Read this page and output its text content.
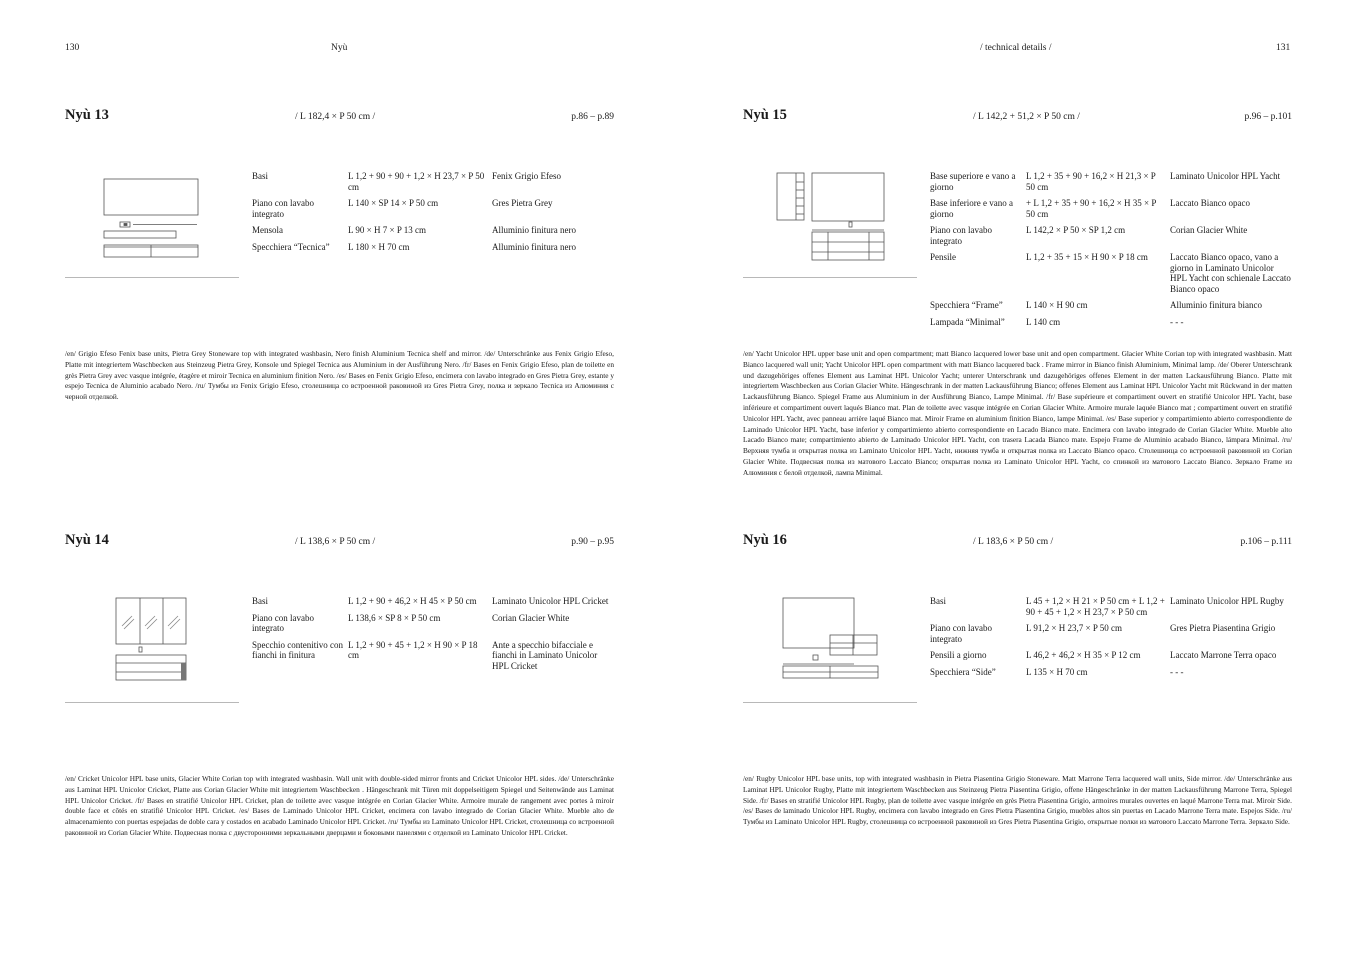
130	Nyù	/ technical details /	131
Nyù 13	/ L 182,4 × P 50 cm /	p.86 – p.89
Basi	L 1,2 + 90 + 90 + 1,2 × H 23,7 × P 50 cm	Fenix Grigio Efeso
Piano con lavabo integrato	L 140 × SP 14 × P 50 cm	Gres Pietra Grey
Mensola	L 90 × H 7 × P 13 cm	Alluminio finitura nero
Specchiera “Tecnica”	L 180 × H 70 cm	Alluminio finitura nero
/en/ Grigio Efeso Fenix base units, Pietra Grey Stoneware top with integrated washbasin, Nero finish Aluminium Tecnica shelf and mirror. /de/ Unterschränke aus Fenix Grigio Efeso, Platte mit integriertem Waschbecken aus Steinzeug Pietra Grey, Konsole und Spiegel Tecnica aus Aluminium in der Ausführung Nero. /fr/ Bases en Fenix Grigio Efeso, plan de toilette en grès Pietra Grey avec vasque intégrée, étagère et miroir Tecnica en aluminium finition Nero. /es/ Bases en Fenix Grigio Efeso, encimera con lavabo integrado en Gres Pietra Grey, estante y espejo Tecnica de Aluminio acabado Nero. /ru/ Тумбы из Fenix Grigio Efeso, столешница со встроенной раковиной из Gres Pietra Grey, полка и зеркало Tecnica из Алюминия с черной отделкой.
Nyù 15	/ L 142,2 + 51,2 × P 50 cm /	p.96 – p.101
Base superiore e vano a giorno	L 1,2 + 35 + 90 + 16,2 × H 21,3 × P 50 cm	Laminato Unicolor HPL Yacht
Base inferiore e vano a giorno	+ L 1,2 + 35 + 90 + 16,2 × H 35 × P 50 cm	Laccato Bianco opaco
Piano con lavabo integrato	L 142,2 × P 50 × SP 1,2 cm	Corian Glacier White
Pensile	L 1,2 + 35 + 15 × H 90 × P 18 cm	Laccato Bianco opaco, vano a giorno in Laminato Unicolor HPL Yacht con schienale Laccato Bianco opaco
Specchiera “Frame”	L 140 × H 90 cm	Alluminio finitura bianco
Lampada “Minimal”	L 140 cm	- - -
/en/ Yacht Unicolor HPL upper base unit and open compartment; matt Bianco lacquered lower base unit and open compartment. Glacier White Corian top with integrated washbasin. Matt Bianco lacquered wall unit; Yacht Unicolor HPL open compartment with matt Bianco lacquered back . Frame mirror in Bianco finish Aluminium, Minimal lamp. /de/ Oberer Unterschrank und dazugehöriges offenes Element aus Laminat HPL Unicolor Yacht; unterer Unterschrank und dazugehöriges offenes Element in der matten Lackausführung Bianco. Platte mit integriertem Waschbecken aus Corian Glacier White. Hängeschrank in der matten Lackausführung Bianco; offenes Element aus Laminat HPL Unicolor Yacht mit Rückwand in der matten Lackausführung Bianco. Spiegel Frame aus Aluminium in der Ausführung Bianco, Lampe Minimal. /fr/ Base supérieure et compartiment ouvert en stratifié Unicolor HPL Yacht, base inférieure et compartiment ouvert laqués Bianco mat. Plan de toilette avec vasque intégrée en Corian Glacier White. Armoire murale laquée Bianco mat ; compartiment ouvert en stratifié Unicolor HPL Yacht, avec panneau arrière laqué Bianco mat. Miroir Frame en aluminium finition Bianco, lampe Minimal. /es/ Base superior y compartimiento abierto correspondiente de Laminado Unicolor HPL Yacht, base inferior y compartimiento abierto correspondiente en Lacado Bianco mate. Encimera con lavabo integrado de Corian Glacier White. Mueble alto Lacado Bianco mate; compartimiento abierto de Laminado Unicolor HPL Yacht, con trasera Lacada Bianco mate. Espejo Frame de Aluminio acabado Bianco, lámpara Minimal. /ru/ Верхняя тумба и открытая полка из Laminato Unicolor HPL Yacht, нижняя тумба и открытая полка из Laccato Bianco opaco. Столешница со встроенной раковиной из Corian Glacier White. Подвесная полка из матового Laccato Bianco; открытая полка из Laminato Unicolor HPL Yacht, со спинкой из матового Laccato Bianco. Зеркало Frame из Алюминия с белой отделкой, лампа Minimal.
Nyù 14	/ L 138,6 × P 50 cm /	p.90 – p.95
Basi	L 1,2 + 90 + 46,2 × H 45 × P 50 cm	Laminato Unicolor HPL Cricket
Piano con lavabo integrato	L 138,6 × SP 8 × P 50 cm	Corian Glacier White
Specchio contenitivo con fianchi in finitura	L 1,2 + 90 + 45 + 1,2 × H 90 × P 18 cm	Ante a specchio bifacciale e fianchi in Laminato Unicolor HPL Cricket
/en/ Cricket Unicolor HPL base units, Glacier White Corian top with integrated washbasin. Wall unit with double-sided mirror fronts and Cricket Unicolor HPL sides. /de/ Unterschränke aus Laminat HPL Unicolor Cricket, Platte aus Corian Glacier White mit integriertem Waschbecken . Hängeschrank mit Türen mit doppelseitigem Spiegel und Seitenwände aus Laminat HPL Unicolor Cricket. /fr/ Bases en stratifié Unicolor HPL Cricket, plan de toilette avec vasque intégrée en Corian Glacier White. Armoire murale de rangement avec portes à miroir double face et côtés en stratifié Unicolor HPL Cricket. /es/ Bases de Laminado Unicolor HPL Cricket, encimera con lavabo integrado de Corian Glacier White. Mueble alto de almacenamiento con puertas espejadas de doble cara y costados en acabado Laminado Unicolor HPL Cricket. /ru/ Тумбы из Laminato Unicolor HPL Cricket, столешница со встроенной раковиной из Corian Glacier White. Подвесная полка с двусторонними зеркальными дверцами и боковыми панелями с отделкой из Laminato Unicolor HPL Cricket.
Nyù 16	/ L 183,6 × P 50 cm /	p.106 – p.111
Basi	L 45 + 1,2 × H 21 × P 50 cm + L 1,2 + 90 + 45 + 1,2 × H 23,7 × P 50 cm	Laminato Unicolor HPL Rugby
Piano con lavabo integrato	L 91,2 × H 23,7 × P 50 cm	Gres Pietra Piasentina Grigio
Pensili a giorno	L 46,2 + 46,2 × H 35 × P 12 cm	Laccato Marrone Terra opaco
Specchiera “Side”	L 135 × H 70 cm	- - -
/en/ Rugby Unicolor HPL base units, top with integrated washbasin in Pietra Piasentina Grigio Stoneware. Matt Marrone Terra lacquered wall units, Side mirror. /de/ Unterschränke aus Laminat HPL Unicolor Rugby, Platte mit integriertem Waschbecken aus Steinzeug Pietra Piasentina Grigio, offene Hängeschränke in der matten Lackausführung Marrone Terra, Spiegel Side. /fr/ Bases en stratifié Unicolor HPL Rugby, plan de toilette avec vasque intégrée en grès Pietra Piasentina Grigio, armoires murales ouvertes en laqué Marrone Terra mat. Miroir Side. /es/ Bases de laminado Unicolor HPL Rugby, encimera con lavabo integrado en Gres Pietra Piasentina Grigio, muebles altos sin puertas en Lacado Marrone Terra mate. Espejos Side. /ru/ Тумбы из Laminato Unicolor HPL Rugby, столешница со встроенной раковиной из Gres Pietra Piasentina Grigio, открытые полки из матового Laccato Marrone Terra. Зеркало Side.
